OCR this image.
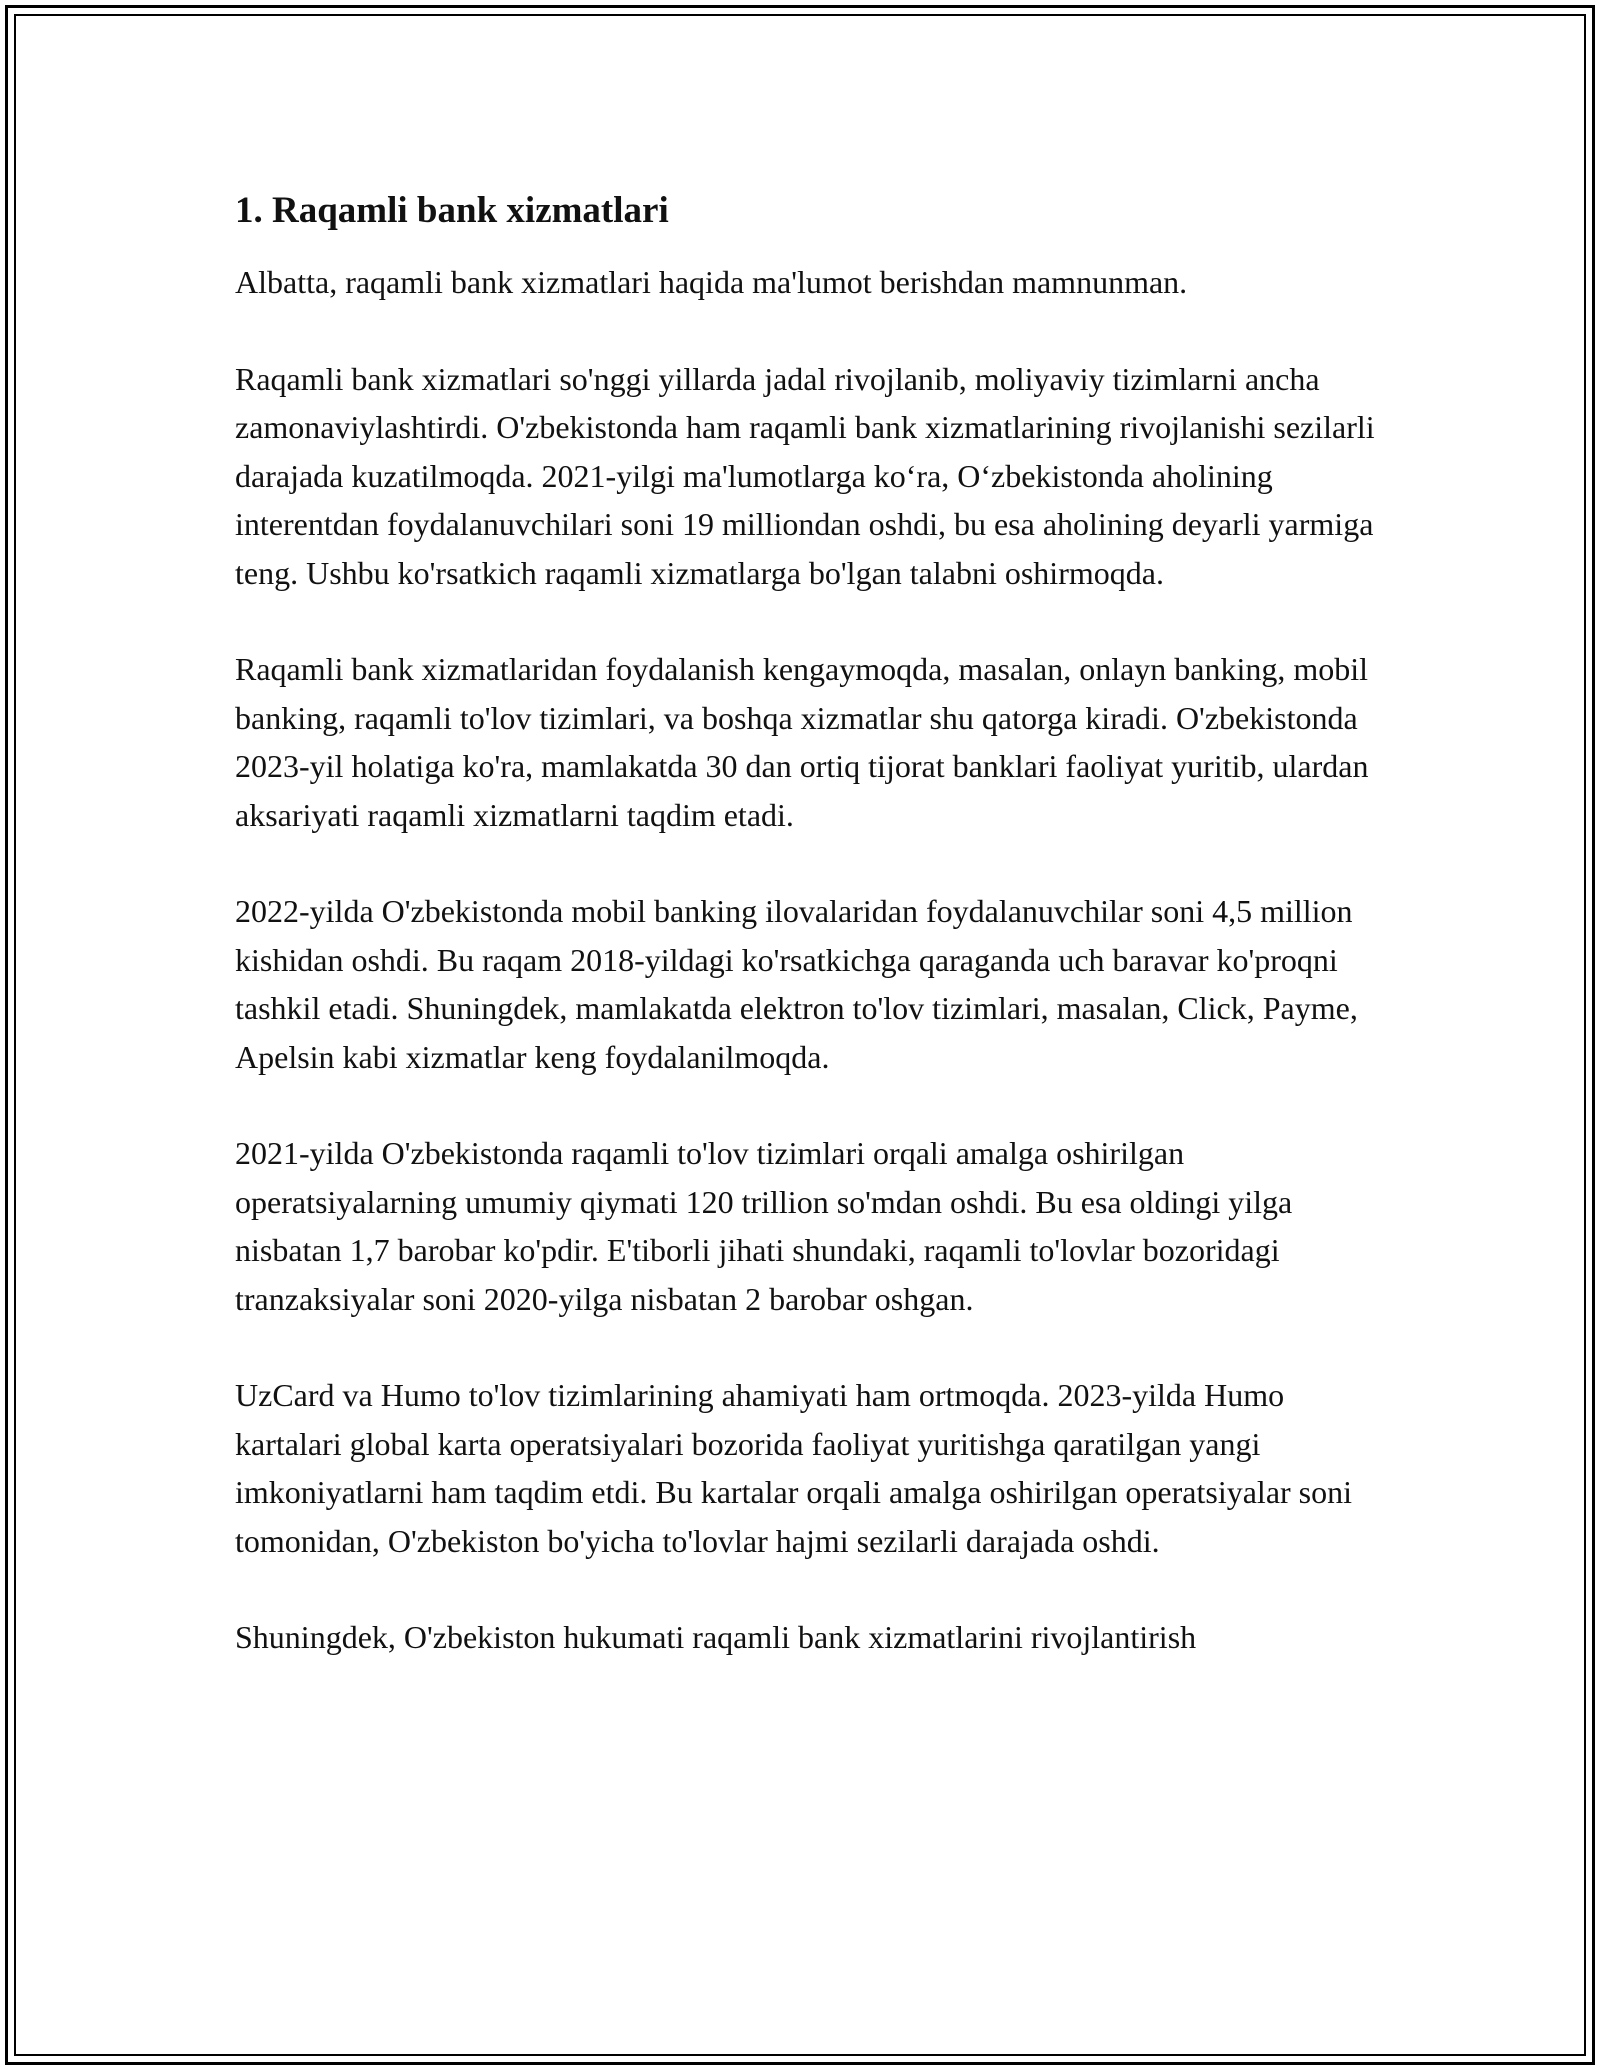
1. Raqamli bank xizmatlari

Albatta, raqamli bank xizmatlari haqida ma'lumot berishdan mamnunman.

Raqamli bank xizmatlari so'nggi yillarda jadal rivojlanib, moliyaviy tizimlarni ancha zamonaviylashtirdi. O'zbekistonda ham raqamli bank xizmatlarining rivojlanishi sezilarli darajada kuzatilmoqda. 2021-yilgi ma'lumotlarga koʻra, Oʻzbekistonda aholining interentdan foydalanuvchilari soni 19 milliondan oshdi, bu esa aholining deyarli yarmiga teng. Ushbu ko'rsatkich raqamli xizmatlarga bo'lgan talabni oshirmoqda.

Raqamli bank xizmatlaridan foydalanish kengaymoqda, masalan, onlayn banking, mobil banking, raqamli to'lov tizimlari, va boshqa xizmatlar shu qatorga kiradi. O'zbekistonda 2023-yil holatiga ko'ra, mamlakatda 30 dan ortiq tijorat banklari faoliyat yuritib, ulardan aksariyati raqamli xizmatlarni taqdim etadi.

2022-yilda O'zbekistonda mobil banking ilovalaridan foydalanuvchilar soni 4,5 million kishidan oshdi. Bu raqam 2018-yildagi ko'rsatkichga qaraganda uch baravar ko'proqni tashkil etadi. Shuningdek, mamlakatda elektron to'lov tizimlari, masalan, Click, Payme, Apelsin kabi xizmatlar keng foydalanilmoqda.

2021-yilda O'zbekistonda raqamli to'lov tizimlari orqali amalga oshirilgan operatsiyalarning umumiy qiymati 120 trillion so'mdan oshdi. Bu esa oldingi yilga nisbatan 1,7 barobar ko'pdir. E'tiborli jihati shundaki, raqamli to'lovlar bozoridagi tranzaksiyalar soni 2020-yilga nisbatan 2 barobar oshgan.

UzCard va Humo to'lov tizimlarining ahamiyati ham ortmoqda. 2023-yilda Humo kartalari global karta operatsiyalari bozorida faoliyat yuritishga qaratilgan yangi imkoniyatlarni ham taqdim etdi. Bu kartalar orqali amalga oshirilgan operatsiyalar soni tomonidan, O'zbekiston bo'yicha to'lovlar hajmi sezilarli darajada oshdi.

Shuningdek, O'zbekiston hukumati raqamli bank xizmatlarini rivojlantirish
